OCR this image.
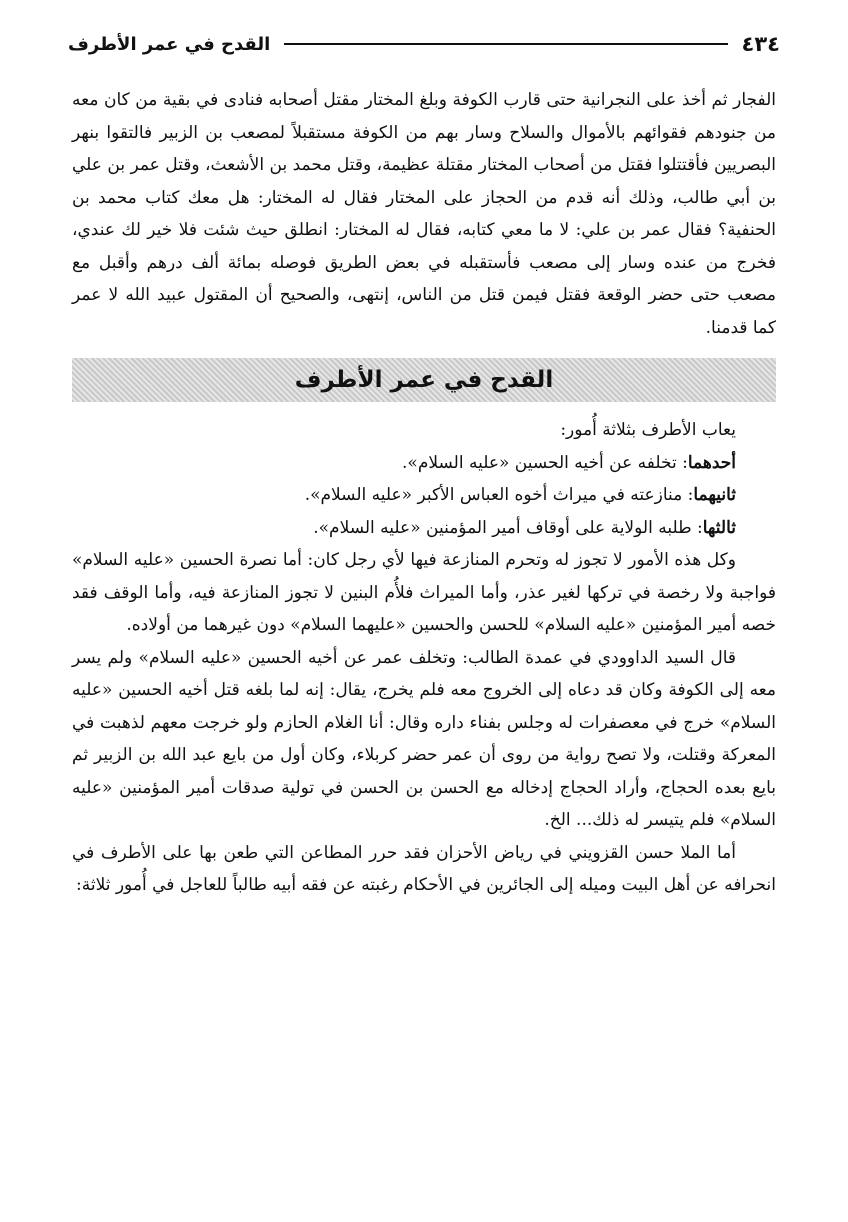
٤٣٤
القدح في عمر الأطرف

الفجار ثم أخذ على النجرانية حتى قارب الكوفة وبلغ المختار مقتل أصحابه فنادى في بقية من كان معه من جنودهم فقوائهم بالأموال والسلاح وسار بهم من الكوفة مستقبلاً لمصعب بن الزبير فالتقوا بنهر البصريين فأقتتلوا فقتل من أصحاب المختار مقتلة عظيمة، وقتل محمد بن الأشعث، وقتل عمر بن علي بن أبي طالب، وذلك أنه قدم من الحجاز على المختار فقال له المختار: هل معك كتاب محمد بن الحنفية؟ فقال عمر بن علي: لا ما معي كتابه، فقال له المختار: انطلق حيث شئت فلا خير لك عندي، فخرج من عنده وسار إلى مصعب فأستقبله في بعض الطريق فوصله بمائة ألف درهم وأقبل مع مصعب حتى حضر الوقعة فقتل فيمن قتل من الناس، إنتهى، والصحيح أن المقتول عبيد الله لا عمر كما قدمنا.

القدح في عمر الأطرف

يعاب الأطرف بثلاثة أُمور:

أحدهما: تخلفه عن أخيه الحسين «عليه السلام».

ثانيهما: منازعته في ميراث أخوه العباس الأكبر «عليه السلام».

ثالثها: طلبه الولاية على أوقاف أمير المؤمنين «عليه السلام».

وكل هذه الأمور لا تجوز له وتحرم المنازعة فيها لأي رجل كان: أما نصرة الحسين «عليه السلام» فواجبة ولا رخصة في تركها لغير عذر، وأما الميراث فلأُم البنين لا تجوز المنازعة فيه، وأما الوقف فقد خصه أمير المؤمنين «عليه السلام» للحسن والحسين «عليهما السلام» دون غيرهما من أولاده.

قال السيد الداوودي في عمدة الطالب: وتخلف عمر عن أخيه الحسين «عليه السلام» ولم يسر معه إلى الكوفة وكان قد دعاه إلى الخروج معه فلم يخرج، يقال: إنه لما بلغه قتل أخيه الحسين «عليه السلام» خرج في معصفرات له وجلس بفناء داره وقال: أنا الغلام الحازم ولو خرجت معهم لذهبت في المعركة وقتلت، ولا تصح رواية من روى أن عمر حضر كربلاء، وكان أول من بايع عبد الله بن الزبير ثم بايع بعده الحجاج، وأراد الحجاج إدخاله مع الحسن بن الحسن في تولية صدقات أمير المؤمنين «عليه السلام» فلم يتيسر له ذلك... الخ.

أما الملا حسن القزويني في رياض الأحزان فقد حرر المطاعن التي طعن بها على الأطرف في انحرافه عن أهل البيت وميله إلى الجائرين في الأحكام رغبته عن فقه أبيه طالباً للعاجل في أُمور ثلاثة:
